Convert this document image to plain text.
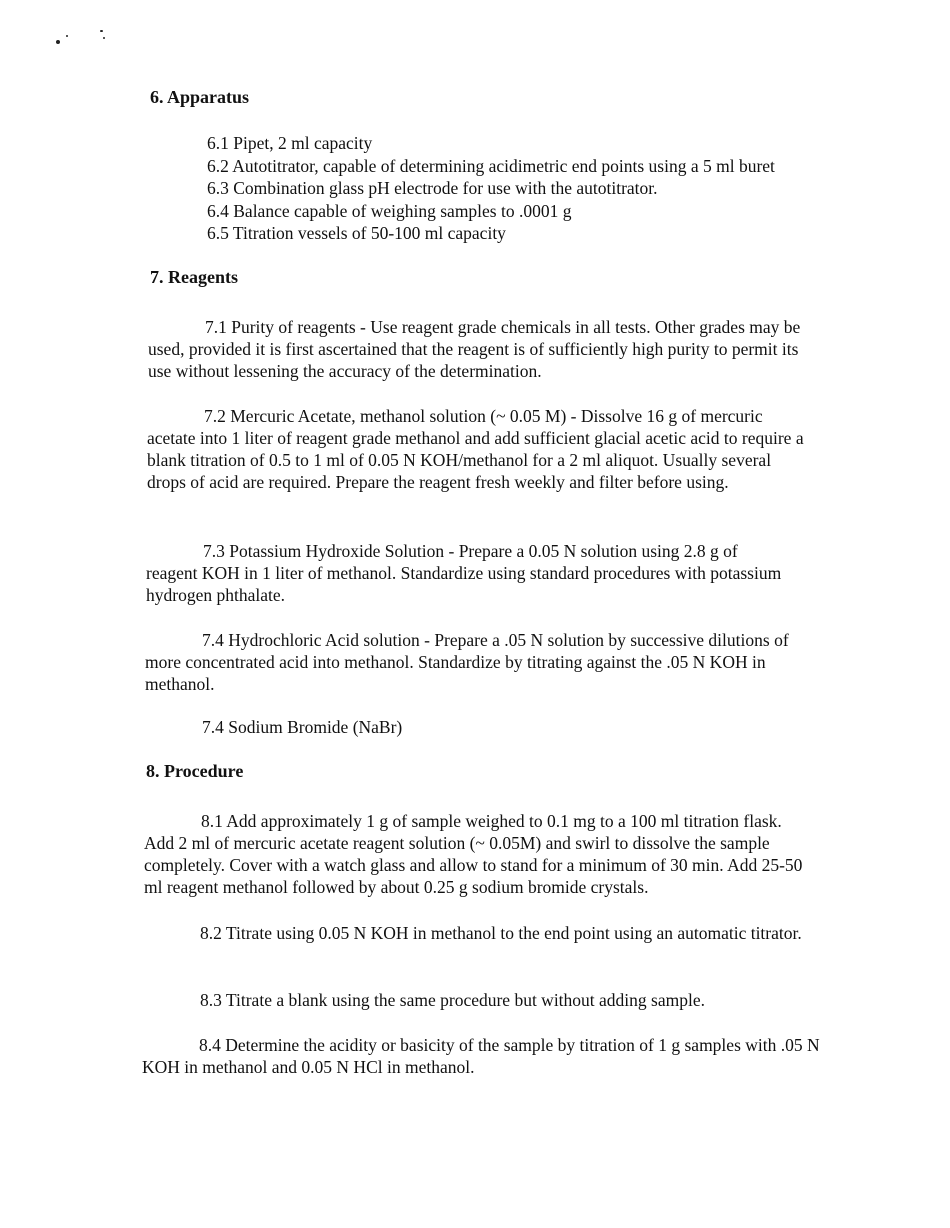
6. Apparatus
6.1 Pipet, 2 ml capacity
6.2 Autotitrator, capable of determining acidimetric end points using a 5 ml buret
6.3 Combination glass pH electrode for use with the autotitrator.
6.4 Balance capable of weighing samples to .0001 g
6.5 Titration vessels of 50-100 ml capacity
7. Reagents
7.1 Purity of reagents - Use reagent grade chemicals in all tests. Other grades may be used, provided it is first ascertained that the reagent is of sufficiently high purity to permit its use without lessening the accuracy of the determination.
7.2 Mercuric Acetate, methanol solution (~ 0.05 M) - Dissolve 16 g of mercuric acetate into 1 liter of reagent grade methanol and add sufficient glacial acetic acid to require a blank titration of 0.5 to 1 ml of 0.05 N KOH/methanol for a 2 ml aliquot. Usually several drops of acid are required. Prepare the reagent fresh weekly and filter before using.
7.3 Potassium Hydroxide Solution - Prepare a 0.05 N solution using 2.8 g of reagent KOH in 1 liter of methanol. Standardize using standard procedures with potassium hydrogen phthalate.
7.4 Hydrochloric Acid solution - Prepare a .05 N solution by successive dilutions of more concentrated acid into methanol. Standardize by titrating against the .05 N KOH in methanol.
7.4 Sodium Bromide (NaBr)
8. Procedure
8.1 Add approximately 1 g of sample weighed to 0.1 mg to a 100 ml titration flask. Add 2 ml of mercuric acetate reagent solution (~ 0.05M) and swirl to dissolve the sample completely. Cover with a watch glass and allow to stand for a minimum of 30 min. Add 25-50 ml reagent methanol followed by about 0.25 g sodium bromide crystals.
8.2 Titrate using 0.05 N KOH in methanol to the end point using an automatic titrator.
8.3 Titrate a blank using the same procedure but without adding sample.
8.4 Determine the acidity or basicity of the sample by titration of 1 g samples with .05 N KOH in methanol and 0.05 N HCl in methanol.
